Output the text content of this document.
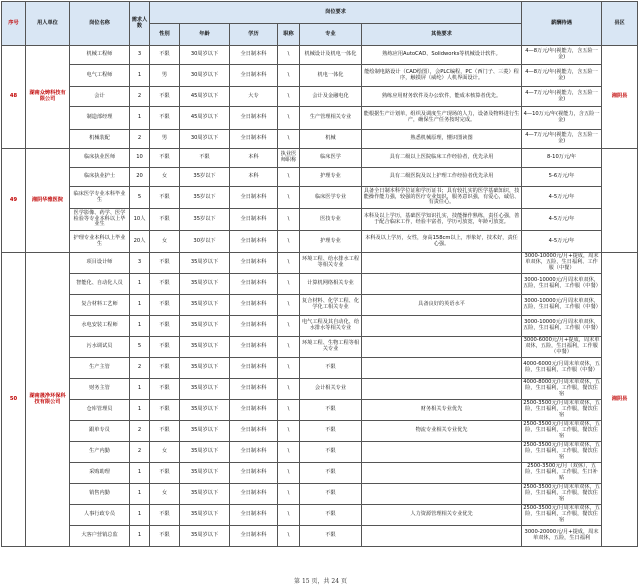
序号	用人单位	岗位名称	需求人数	岗位要求						薪酬待遇	县区
				性别	年龄	学历	职称	专业	其他要求		
48	湖南众铸科技有限公司	机械工程师	3	不限	30周岁以下	全日制本科	\	机械设计及机电一体化	熟练应用AutoCAD、Solidworks等机械设计软件。	4—8万元/年(视能力，含五险一金)	湘阴县
		电气工程师	1	男	30周岁以下	全日制本科	\	机电一体化	能绘制电路设计（CAD绘图），会PLC编程，PC（西门子、三菱）程序，触摸屏（威纶）人机界面设计。	4—8万元/年(视能力，含五险一金)	
		会计	2	不限	45周岁以下	大专	\	会计及金融电化	熟练应用财务软件及办公软件，能成本核算者优先。	4—7万元/年(视能力，含五险一金)	
		制造部经理	1	不限	45周岁以下	全日制本科	\	生产管理相关专业	能根据生产计划单，组织及调度生产现场的人力，设备及物料进行生产，确保生产任务按时完成。	4—10万元/年(视能力，含五险一金)	
		机械装配	2	男	30周岁以下	全日制本科	\	机械	熟悉机械原理，懂识图读图	4—7万元/年(视能力，含五险一金)	
49	湘阴华雅医院	临床执业医师	10	不限	不限	本科	执业医师职称	临床医学	具有二级以上医院临床工作经验者，优先录用	8-10万元/年	
		临床执业护士	20	女	35岁以下	本科	\	护理专业	具有二级医院及以上护理工作经验者优先录用	5-6万元/年	
		临床医学专业本科毕业生	5	不限	35岁以下	全日制本科	\	临床医学专业	具备全日制本科学位证和学历证书；具有较扎实的医学基础知识，技能操作能力强，较强的医疗专业知识，服务意识强，有爱心，诚信、有责任心。	4-5万元/年	
		医学影像、药学、医学检验等专业本科以上毕业生	10人	不限	35岁以下	全日制本科	\	医技专业	本科及以上学历，基础医学知识扎实，技能操作熟练，责任心强，善于配合临床工作，经验丰富者，学历可放宽，年龄可放宽。	4-5万元/年	
		护理专业本科以上毕业生	20人	女	30岁以下	全日制本科	\	护理专业	本科及以上学历，女性，身高158cm以上，形象好，技术好，责任心强。	4-5万元/年	
50	湖南晟净环保科技有限公司	项目设计师	3	不限	35周岁以下	全日制本科	\	环境工程、给水排水工程等相关专业		3000-10000元/月+提成，周末单双休，五险，生日福利、工作服（中餐）	湘阴县
		智能化、自动化人员	1	不限	35周岁以下	全日制本科	\	计算机网络相关专业		3000-10000元/月周末单双休，五险，生日福利，工作服（中餐）	
		复合材料工艺师	1	不限	35周岁以下	全日制本科	\	复合材料、化学工程、化学化工相关专业	具备良好的英语水平	3000-10000元/月周末单双休，五险，生日福利，工作服（中餐）	
		水电安装工程师	1	不限	35周岁以下	全日制本科	\	电气工程及其自动化、给水排水等相关专业		3000-10000元/月周末单双休，五险，生日福利，工作服（中餐）	
		污水调试员	5	不限	35周岁以下	全日制本科	\	环境工程、生物工程等相关专业		3000-6000元/月+提成，周末单双休，五险，生日福利，工作服（中餐）	
		生产主管	2	不限	35周岁以下	全日制本科	\	不限		4000-6000元/月周末单双休，五险，生日福利，工作服（中餐）	
		财务主管	1	不限	35周岁以下	全日制本科	\	会计相关专业		4000-8000元/月周末单双休，五险，生日福利，工作服，餐饮住宿	
		仓库管理员	1	不限	35周岁以下	全日制本科	\	不限	财务相关专业优先	2500-3500元/月周末单双休，五险，生日福利，工作服，餐饮住宿	
		跟单专员	2	不限	35周岁以下	全日制本科	\	不限	物流专业相关专业优先	2500-3500元/月周末单双休，五险，生日福利，工作服，餐饮住宿	
		生产内勤	2	女	35周岁以下	全日制本科	\	不限		2500-3500元/月周末单双休，五险，生日福利，工作服，餐饮住宿	
		采购助理	1	不限	35周岁以下	全日制本科	\	不限		2500-3500元/月（双休），五险，生日福利，工作服，生日补贴	
		销售内勤	1	女	35周岁以下	全日制本科	\	不限		2500-3500元/月周末单双休，五险，生日福利，工作服，餐饮住宿	
		人事行政专员	1	不限	35周岁以下	全日制本科	\	不限	人力资源管理相关专业优先	2500-3500元/月周末单双休，五险，生日福利，工作服，餐饮住宿	
		大客户营销总监	1	不限	35周岁以下	全日制本科	\	不限		3000-20000元/月+提成，周末单双休，五险，生日福利	
第 15 页，共 24 页
